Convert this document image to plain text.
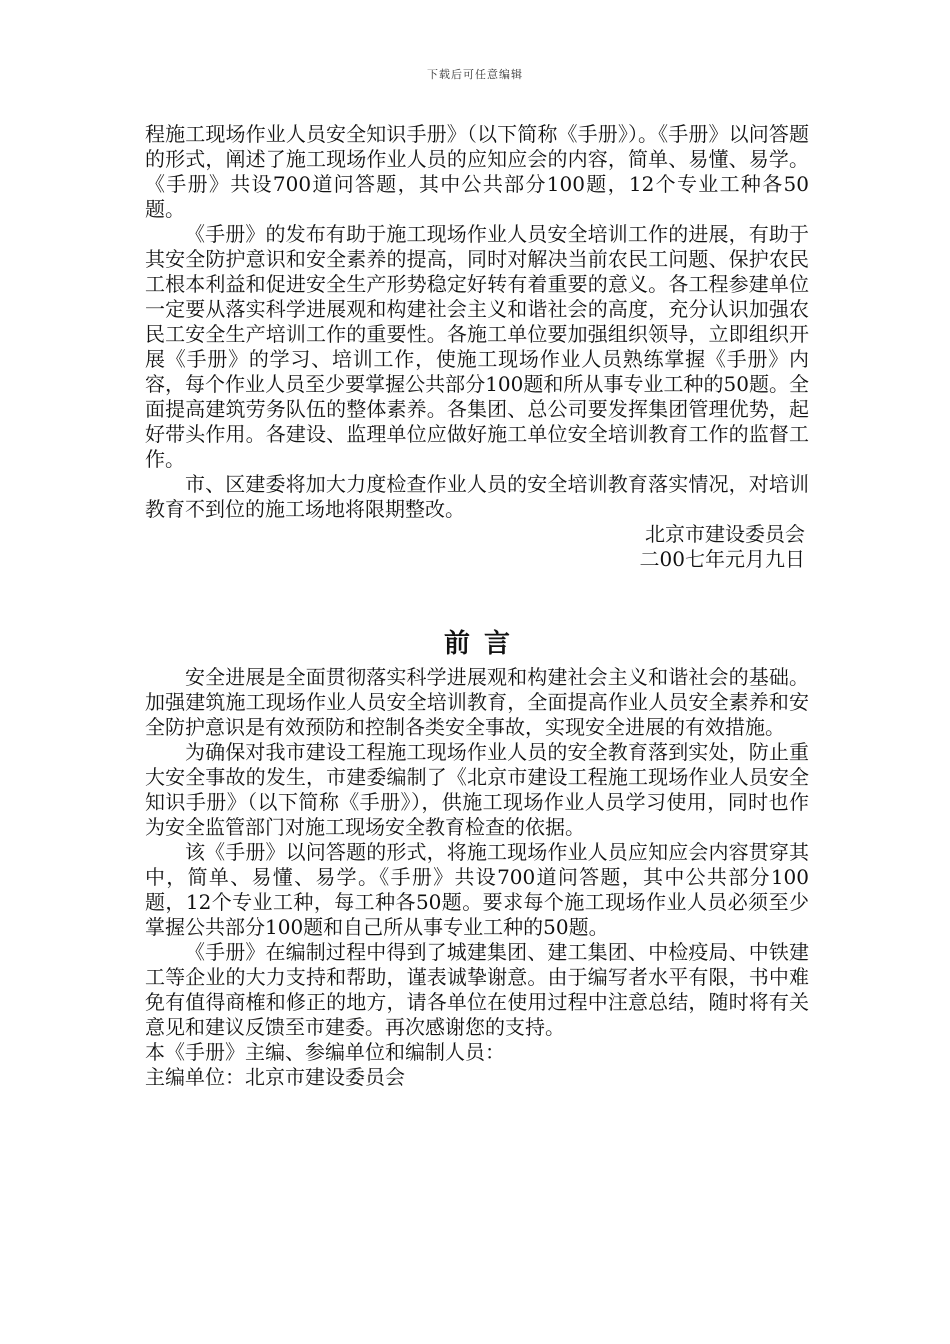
下载后可任意编辑

程施工现场作业人员安全知识手册》（以下简称《手册》）。《手册》以问答题的形式，阐述了施工现场作业人员的应知应会的内容，简单、易懂、易学。《手册》共设700道问答题，其中公共部分100题，12个专业工种各50题。

《手册》的发布有助于施工现场作业人员安全培训工作的进展，有助于其安全防护意识和安全素养的提高，同时对解决当前农民工问题、保护农民工根本利益和促进安全生产形势稳定好转有着重要的意义。各工程参建单位一定要从落实科学进展观和构建社会主义和谐社会的高度，充分认识加强农民工安全生产培训工作的重要性。各施工单位要加强组织领导，立即组织开展《手册》的学习、培训工作，使施工现场作业人员熟练掌握《手册》内容，每个作业人员至少要掌握公共部分100题和所从事专业工种的50题。全面提高建筑劳务队伍的整体素养。各集团、总公司要发挥集团管理优势，起好带头作用。各建设、监理单位应做好施工单位安全培训教育工作的监督工作。

市、区建委将加大力度检查作业人员的安全培训教育落实情况，对培训教育不到位的施工场地将限期整改。

北京市建设委员会

二00七年元月九日

前言

安全进展是全面贯彻落实科学进展观和构建社会主义和谐社会的基础。加强建筑施工现场作业人员安全培训教育，全面提高作业人员安全素养和安全防护意识是有效预防和控制各类安全事故，实现安全进展的有效措施。

为确保对我市建设工程施工现场作业人员的安全教育落到实处，防止重大安全事故的发生，市建委编制了《北京市建设工程施工现场作业人员安全知识手册》（以下简称《手册》），供施工现场作业人员学习使用，同时也作为安全监管部门对施工现场安全教育检查的依据。

该《手册》以问答题的形式，将施工现场作业人员应知应会内容贯穿其中，简单、易懂、易学。《手册》共设700道问答题，其中公共部分100题，12个专业工种，每工种各50题。要求每个施工现场作业人员必须至少掌握公共部分100题和自己所从事专业工种的50题。

《手册》在编制过程中得到了城建集团、建工集团、中检疫局、中铁建工等企业的大力支持和帮助，谨表诚挚谢意。由于编写者水平有限，书中难免有值得商榷和修正的地方，请各单位在使用过程中注意总结，随时将有关意见和建议反馈至市建委。再次感谢您的支持。

本《手册》主编、参编单位和编制人员：

主编单位：北京市建设委员会
